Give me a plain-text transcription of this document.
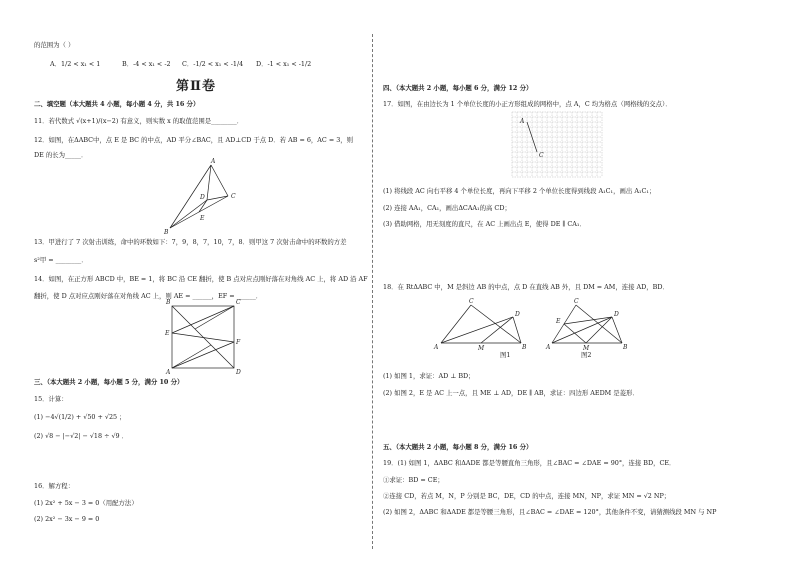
的范围为（ ）
A．1/2 < x₁ < 1	B．-4 < x₁ < -2 C．-1/2 < x₁ < -1/4 D．-1 < x₁ < -1/2
第Ⅱ卷
二、填空题（本大题共 4 小题，每小题 4 分，共 16 分）
11．若代数式 √(x+1)/(x−2) 有意义，则实数 x 的取值范围是________．
12．如图，在ΔABC中，点 E 是 BC 的中点，AD 平分∠BAC，且 AD⊥CD 于点 D．若 AB = 6，AC = 3，则
DE 的长为_____．
A
B
C
D
E
13．甲进行了 7 次射击训练，命中的环数如下：7，9，8，7，10，7，8．则甲这 7 次射击命中的环数的方差
s²甲 = ________．
14．如图，在正方形 ABCD 中，BE = 1，将 BC 沿 CE 翻折，使 B 点对应点刚好落在对角线 AC 上，将 AD 沿 AF
翻折，使 D 点对应点刚好落在对角线 AC 上，则 AE = ______，EF = ______．
B	C
E
F
A	D
三、（本大题共 2 小题，每小题 5 分，满分 10 分）
15．计算：
(1) −4√(1/2) + √50 + √25 ；
(2) √8 − |−√2| − √18 ÷ √9 ．
16．解方程：
(1) 2x² + 5x − 3 = 0（用配方法）
(2) 2x² − 3x − 9 = 0
四、（本大题共 2 小题，每小题 6 分，满分 12 分）
17．如图，在由边长为 1 个单位长度的小正方形组成的网格中，点 A，C 均为格点（网格线的交点）．
A
C
(1) 将线段 AC 向右平移 4 个单位长度，再向下平移 2 个单位长度得到线段 A₁C₁，画出 A₁C₁；
(2) 连接 AA₁，CA₁，画出ΔCAA₁的高 CD；
(3) 借助网格，用无刻度的直尺，在 AC 上画出点 E，使得 DE ∥ CA₁．
18．在 RtΔABC 中，M 是斜边 AB 的中点，点 D 在直线 AB 外，且 DM = AM，连接 AD，BD．
A
C
D
M	B
图1
A
C
E
D
M	B
图2
(1) 如图 1，求证：AD ⊥ BD；
(2) 如图 2，E 是 AC 上一点，且 ME ⊥ AD，DE ∥ AB，求证：四边形 AEDM 是菱形．
五、（本大题共 2 小题，每小题 8 分，满分 16 分）
19．(1) 如图 1，ΔABC 和ΔADE 都是等腰直角三角形，且∠BAC = ∠DAE = 90°，连接 BD，CE．
①求证：BD = CE；
②连接 CD，若点 M，N，P 分别是 BC，DE，CD 的中点，连接 MN，NP，求证 MN = √2 NP；
(2) 如图 2，ΔABC 和ΔADE 都是等腰三角形，且∠BAC = ∠DAE = 120°，其他条件不变，请猜测线段 MN 与 NP
